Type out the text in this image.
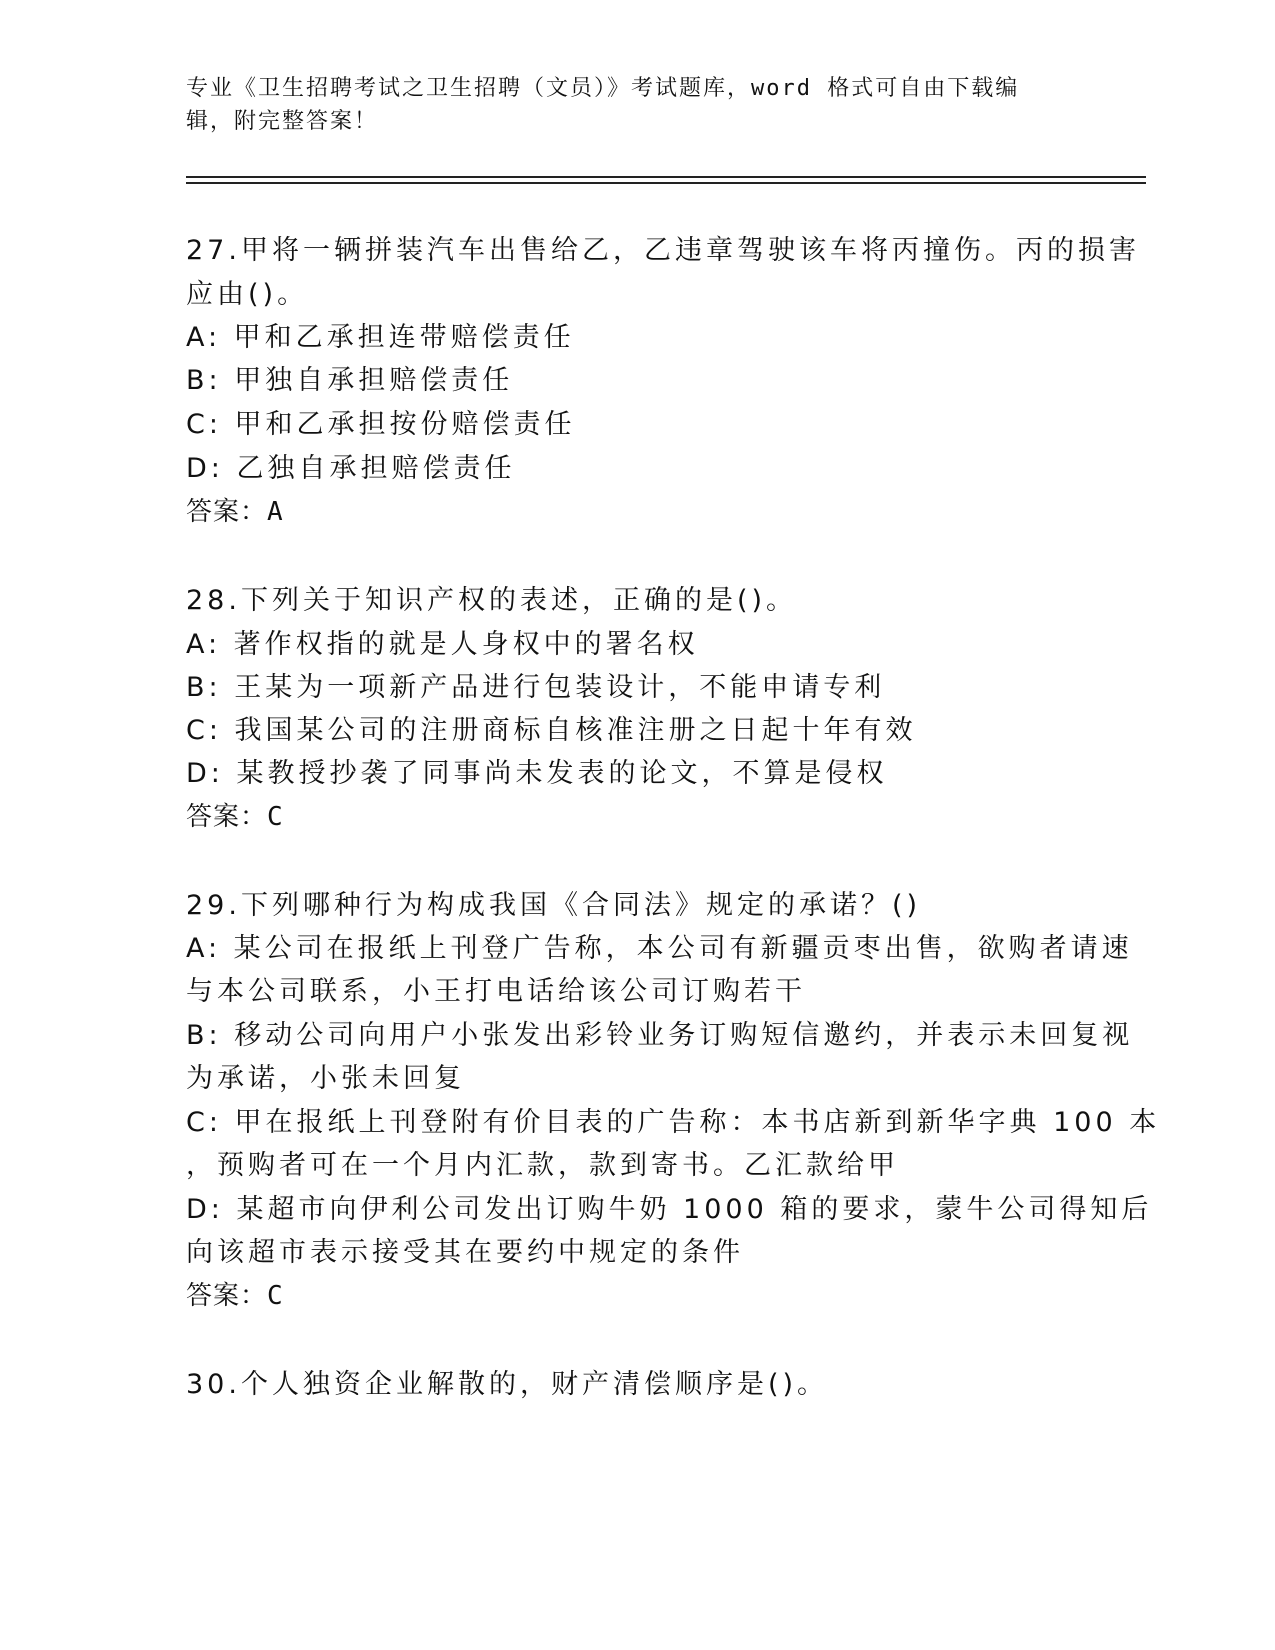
专业《卫生招聘考试之卫生招聘（文员）》考试题库，word 格式可自由下载编辑，附完整答案！

27.甲将一辆拼装汽车出售给乙，乙违章驾驶该车将丙撞伤。丙的损害

应由()。

A: 甲和乙承担连带赔偿责任

B: 甲独自承担赔偿责任

C: 甲和乙承担按份赔偿责任

D: 乙独自承担赔偿责任

答案：A

28.下列关于知识产权的表述，正确的是()。

A: 著作权指的就是人身权中的署名权

B: 王某为一项新产品进行包装设计，不能申请专利

C: 我国某公司的注册商标自核准注册之日起十年有效

D: 某教授抄袭了同事尚未发表的论文，不算是侵权

答案：C

29.下列哪种行为构成我国《合同法》规定的承诺？()

A: 某公司在报纸上刊登广告称，本公司有新疆贡枣出售，欲购者请速

与本公司联系，小王打电话给该公司订购若干

B: 移动公司向用户小张发出彩铃业务订购短信邀约，并表示未回复视

为承诺，小张未回复

C: 甲在报纸上刊登附有价目表的广告称：本书店新到新华字典 100 本

，预购者可在一个月内汇款，款到寄书。乙汇款给甲

D: 某超市向伊利公司发出订购牛奶 1000 箱的要求，蒙牛公司得知后

向该超市表示接受其在要约中规定的条件

答案：C

30.个人独资企业解散的，财产清偿顺序是()。
